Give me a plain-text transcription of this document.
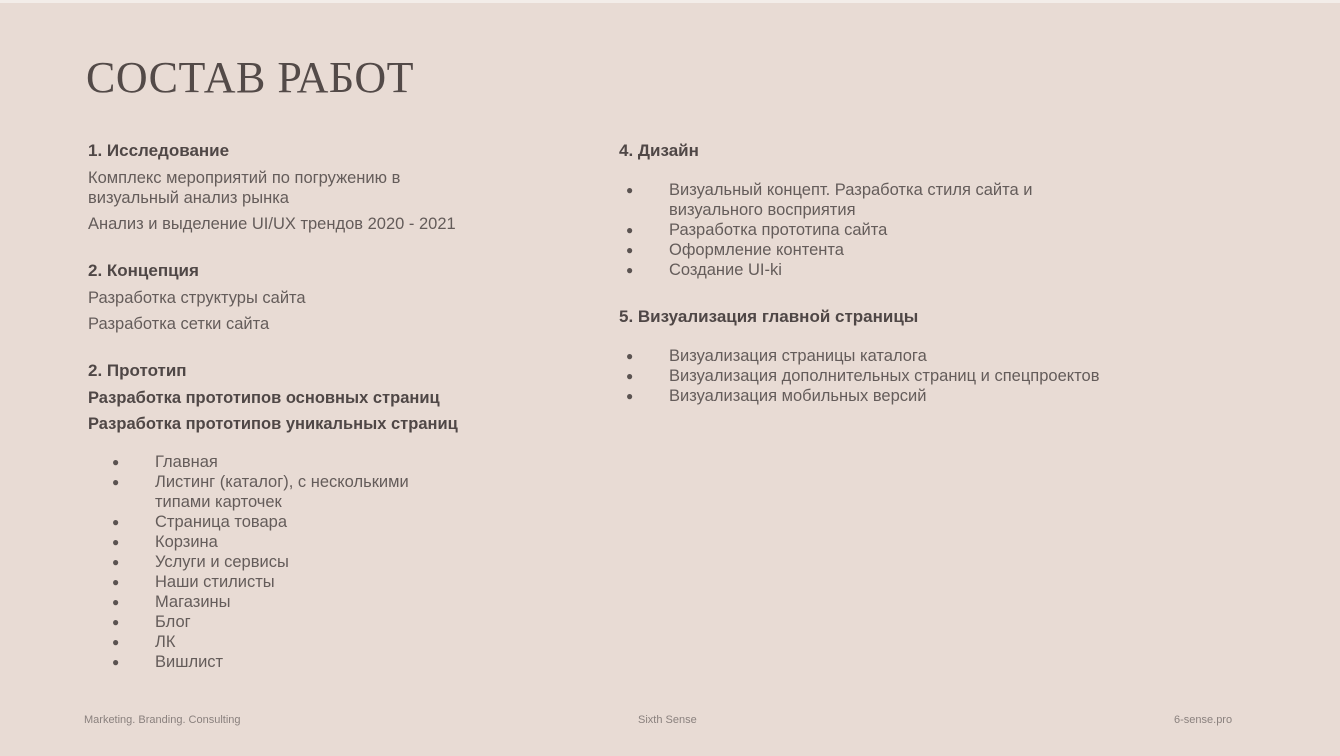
СОСТАВ РАБОТ
1. Исследование
Комплекс мероприятий по погружению в визуальный анализ рынка
Анализ и выделение UI/UX трендов 2020 - 2021
2. Концепция
Разработка структуры сайта
Разработка сетки сайта
2. Прототип
Разработка прототипов основных страниц
Разработка прототипов уникальных страниц
● Главная
● Листинг (каталог), с несколькими типами карточек
● Страница товара
● Корзина
● Услуги и сервисы
● Наши стилисты
● Магазины
● Блог
● ЛК
● Вишлист
4. Дизайн
● Визуальный концепт. Разработка стиля сайта и визуального восприятия
● Разработка прототипа сайта
● Оформление контента
● Создание UI-ki
5. Визуализация главной страницы
● Визуализация страницы каталога
● Визуализация дополнительных страниц и спецпроектов
● Визуализация мобильных версий
Marketing. Branding. Consulting	Sixth Sense	6-sense.pro
